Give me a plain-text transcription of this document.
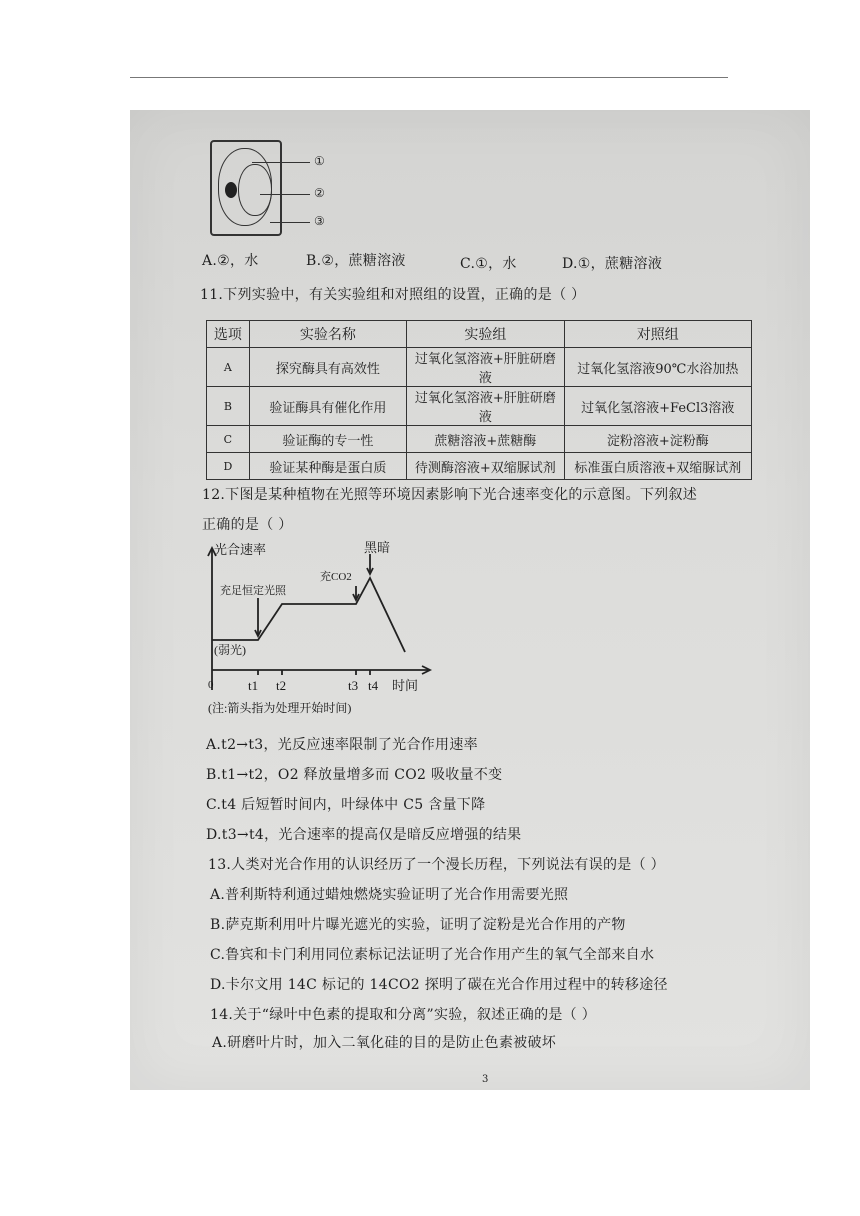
①
②
③
A.②，水	B.②，蔗糖溶液	C.①，水	D.①，蔗糖溶液
11.下列实验中，有关实验组和对照组的设置，正确的是（ ）
选项	实验名称	实验组	对照组
A	探究酶具有高效性	过氧化氢溶液+肝脏研磨液	过氧化氢溶液90℃水浴加热
B	验证酶具有催化作用	过氧化氢溶液+肝脏研磨液	过氧化氢溶液+FeCl3溶液
C	验证酶的专一性	蔗糖溶液+蔗糖酶	淀粉溶液+淀粉酶
D	验证某种酶是蛋白质	待测酶溶液+双缩脲试剂	标准蛋白质溶液+双缩脲试剂
12.下图是某种植物在光照等环境因素影响下光合速率变化的示意图。下列叙述
正确的是（ ）
光合速率
充足恒定光照
(弱光)
充CO2
黑暗
0	t1 t2	t3 t4 时间
(注:箭头指为处理开始时间)
A.t2→t3，光反应速率限制了光合作用速率
B.t1→t2，O2 释放量增多而 CO2 吸收量不变
C.t4 后短暂时间内，叶绿体中 C5 含量下降
D.t3→t4，光合速率的提高仅是暗反应增强的结果
13.人类对光合作用的认识经历了一个漫长历程，下列说法有误的是（ ）
A.普利斯特利通过蜡烛燃烧实验证明了光合作用需要光照
B.萨克斯利用叶片曝光遮光的实验，证明了淀粉是光合作用的产物
C.鲁宾和卡门利用同位素标记法证明了光合作用产生的氧气全部来自水
D.卡尔文用 14C 标记的 14CO2 探明了碳在光合作用过程中的转移途径
14.关于“绿叶中色素的提取和分离”实验，叙述正确的是（ ）
A.研磨叶片时，加入二氧化硅的目的是防止色素被破坏
3
